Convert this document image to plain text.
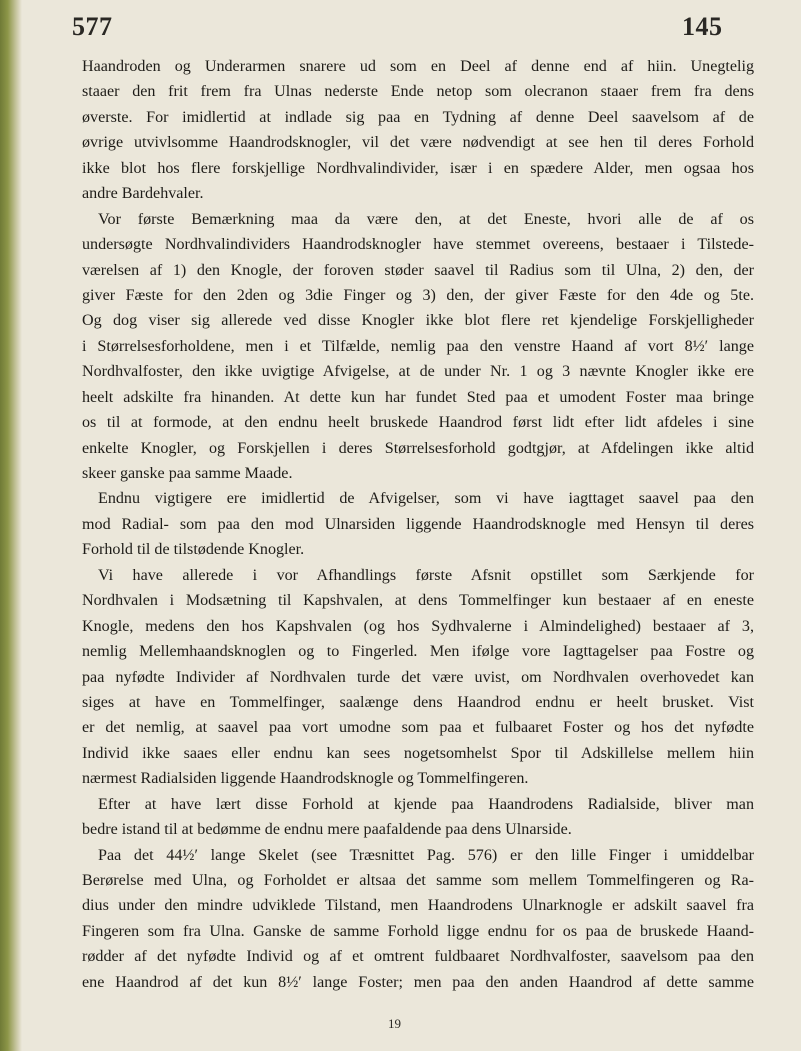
577	145
Haandroden og Underarmen snarere ud som en Deel af denne end af hiin. Unegtelig
staaer den frit frem fra Ulnas nederste Ende netop som olecranon staaer frem fra dens
øverste. For imidlertid at indlade sig paa en Tydning af denne Deel saavelsom af de
øvrige utvivlsomme Haandrodsknogler, vil det være nødvendigt at see hen til deres Forhold
ikke blot hos flere forskjellige Nordhvalindivider, især i en spædere Alder, men ogsaa hos
andre Bardehvaler.
Vor første Bemærkning maa da være den, at det Eneste, hvori alle de af os
undersøgte Nordhvalindividers Haandrodsknogler have stemmet overeens, bestaaer i Tilstede-
værelsen af 1) den Knogle, der foroven støder saavel til Radius som til Ulna, 2) den, der
giver Fæste for den 2den og 3die Finger og 3) den, der giver Fæste for den 4de og 5te.
Og dog viser sig allerede ved disse Knogler ikke blot flere ret kjendelige Forskjelligheder
i Størrelsesforholdene, men i et Tilfælde, nemlig paa den venstre Haand af vort 8½′ lange
Nordhvalfoster, den ikke uvigtige Afvigelse, at de under Nr. 1 og 3 nævnte Knogler ikke ere
heelt adskilte fra hinanden. At dette kun har fundet Sted paa et umodent Foster maa bringe
os til at formode, at den endnu heelt bruskede Haandrod først lidt efter lidt afdeles i sine
enkelte Knogler, og Forskjellen i deres Størrelsesforhold godtgjør, at Afdelingen ikke altid
skeer ganske paa samme Maade.
Endnu vigtigere ere imidlertid de Afvigelser, som vi have iagttaget saavel paa den
mod Radial- som paa den mod Ulnarsiden liggende Haandrodsknogle med Hensyn til deres
Forhold til de tilstødende Knogler.
Vi have allerede i vor Afhandlings første Afsnit opstillet som Særkjende for
Nordhvalen i Modsætning til Kapshvalen, at dens Tommelfinger kun bestaaer af en eneste
Knogle, medens den hos Kapshvalen (og hos Sydhvalerne i Almindelighed) bestaaer af 3,
nemlig Mellemhaandsknoglen og to Fingerled. Men ifølge vore Iagttagelser paa Fostre og
paa nyfødte Individer af Nordhvalen turde det være uvist, om Nordhvalen overhovedet kan
siges at have en Tommelfinger, saalænge dens Haandrod endnu er heelt brusket. Vist
er det nemlig, at saavel paa vort umodne som paa et fulbaaret Foster og hos det nyfødte
Individ ikke saaes eller endnu kan sees nogetsomhelst Spor til Adskillelse mellem hiin
nærmest Radialsiden liggende Haandrodsknogle og Tommelfingeren.
Efter at have lært disse Forhold at kjende paa Haandrodens Radialside, bliver man
bedre istand til at bedømme de endnu mere paafaldende paa dens Ulnarside.
Paa det 44½′ lange Skelet (see Træsnittet Pag. 576) er den lille Finger i umiddelbar
Berørelse med Ulna, og Forholdet er altsaa det samme som mellem Tommelfingeren og Ra-
dius under den mindre udviklede Tilstand, men Haandrodens Ulnarknogle er adskilt saavel fra
Fingeren som fra Ulna. Ganske de samme Forhold ligge endnu for os paa de bruskede Haand-
rødder af det nyfødte Individ og af et omtrent fuldbaaret Nordhvalfoster, saavelsom paa den
ene Haandrod af det kun 8½′ lange Foster; men paa den anden Haandrod af dette samme
19
